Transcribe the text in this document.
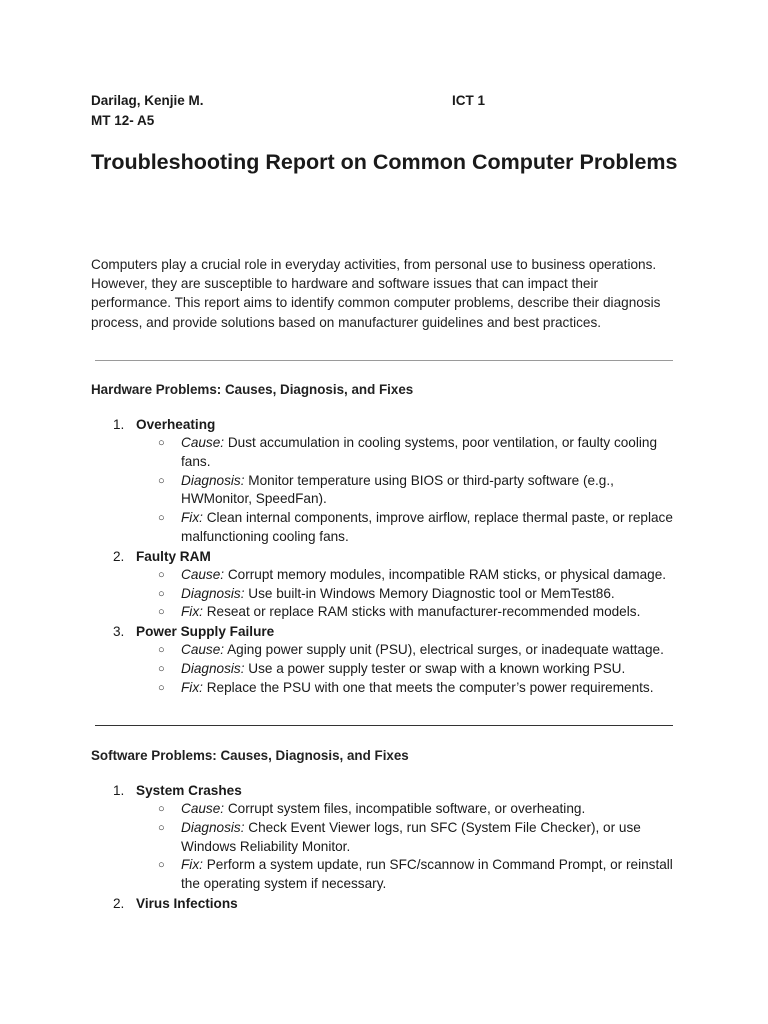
Darilag, Kenjie M.	ICT 1
MT 12- A5
Troubleshooting Report on Common Computer Problems
Computers play a crucial role in everyday activities, from personal use to business operations. However, they are susceptible to hardware and software issues that can impact their performance. This report aims to identify common computer problems, describe their diagnosis process, and provide solutions based on manufacturer guidelines and best practices.
Hardware Problems: Causes, Diagnosis, and Fixes
1. Overheating
○ Cause: Dust accumulation in cooling systems, poor ventilation, or faulty cooling fans.
○ Diagnosis: Monitor temperature using BIOS or third-party software (e.g., HWMonitor, SpeedFan).
○ Fix: Clean internal components, improve airflow, replace thermal paste, or replace malfunctioning cooling fans.
2. Faulty RAM
○ Cause: Corrupt memory modules, incompatible RAM sticks, or physical damage.
○ Diagnosis: Use built-in Windows Memory Diagnostic tool or MemTest86.
○ Fix: Reseat or replace RAM sticks with manufacturer-recommended models.
3. Power Supply Failure
○ Cause: Aging power supply unit (PSU), electrical surges, or inadequate wattage.
○ Diagnosis: Use a power supply tester or swap with a known working PSU.
○ Fix: Replace the PSU with one that meets the computer’s power requirements.
Software Problems: Causes, Diagnosis, and Fixes
1. System Crashes
○ Cause: Corrupt system files, incompatible software, or overheating.
○ Diagnosis: Check Event Viewer logs, run SFC (System File Checker), or use Windows Reliability Monitor.
○ Fix: Perform a system update, run SFC/scannow in Command Prompt, or reinstall the operating system if necessary.
2. Virus Infections
